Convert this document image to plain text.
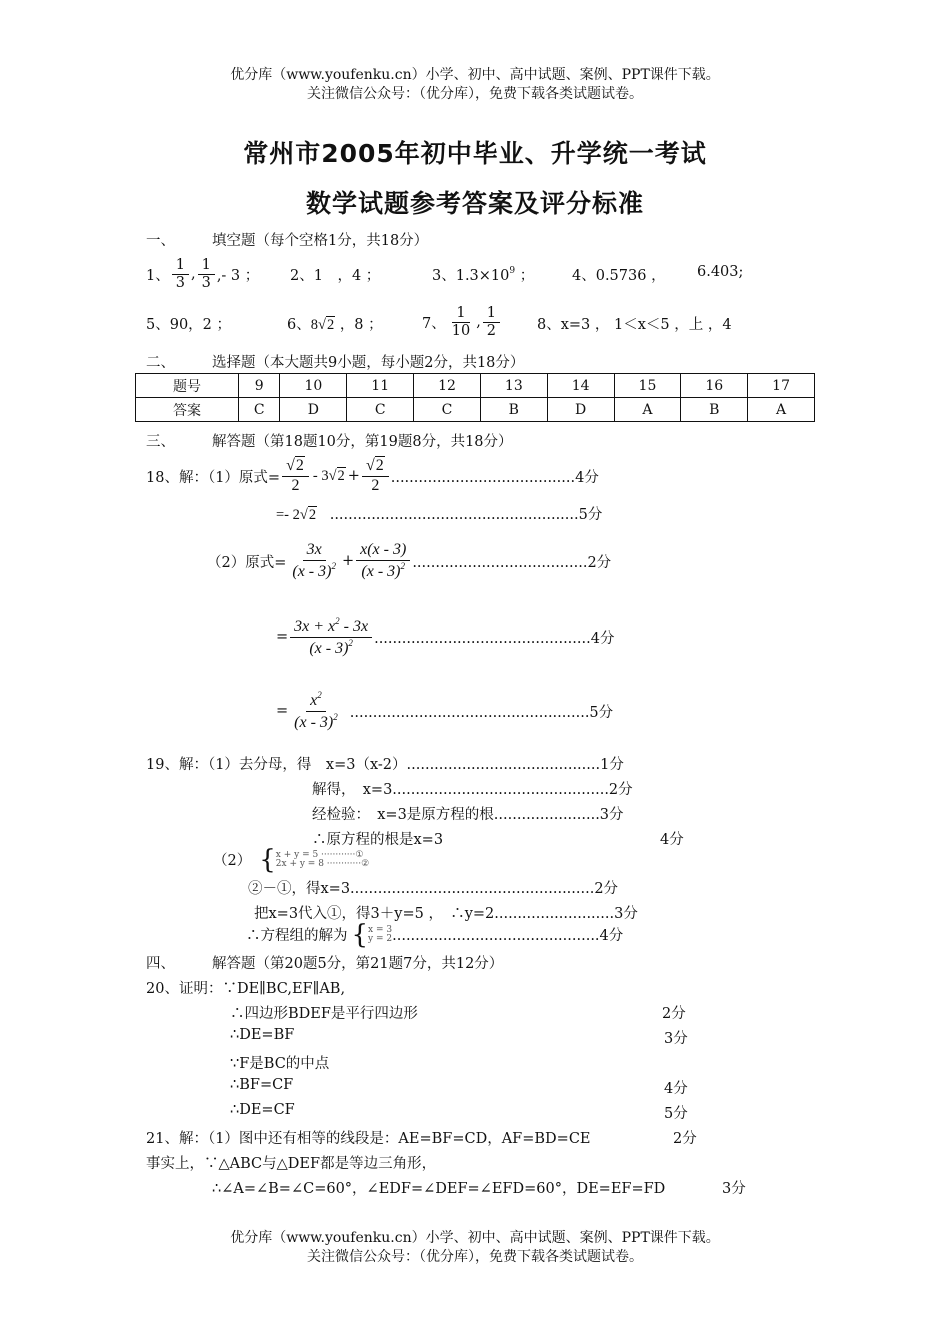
优分库（www.youfenku.cn）小学、初中、高中试题、案例、PPT课件下载。
关注微信公众号：（优分库），免费下载各类试题试卷。
常州市2005年初中毕业、升学统一考试
数学试题参考答案及评分标准
一、	填空题（每个空格1分，共18分）
1、 $\frac{1}{3}$ , $\frac{1}{3}$ ,- 3 ； 2、1　，4 ；	3、$1.3\times 10^9$ ；	4、0.5736 ， 6.403;
5、90，2 ；	6、8√2 ，8 ；	7、 $\frac{1}{10}$ , $\frac{1}{2}$	8、x=3 ， 1＜x＜5 ，上 ，4
二、	选择题（本大题共9小题，每小题2分，共18分）
题号	9	10	11	12	13	14	15	16	17
答案	C	D	C	C	B	D	A	B	A
三、	解答题（第18题10分，第19题8分，共18分）
18、解：（1）原式= $\frac{√2}{2} - 3√2 + \frac{√2}{2} ........................................4$分
=- 2√2 ......................................................5分
（2）原式= $\frac{3x}{(x - 3)^2} + \frac{x(x - 3)}{(x - 3)^2} ......................................2$分
= $\frac{3x + x^2 - 3x}{(x - 3)^2} ...............................................4$分
= $\frac{x^2}{(x - 3)^2} ....................................................5$分
19、解：（1）去分母，得　x=3（x-2）..........................................1分
解得，　x=3...............................................2分
经检验：　x=3是原方程的根.......................3分
∴原方程的根是x=3	4分
（2） { x + y = 5 ············①
2x + y = 8 ············②
②－①，得x=3.....................................................2分
把x=3代入①，得3＋y=5 ，　∴y=2..........................3分
∴方程组的解为 { x = 3
y = 2 .............................................4分
四、	解答题（第20题5分，第21题7分，共12分）
20、证明：∵DE∥BC,EF∥AB,
∴四边形BDEF是平行四边形	2分
∴DE=BF	3分
∵F是BC的中点
∴BF=CF	4分
∴DE=CF	5分
21、解：（1）图中还有相等的线段是：AE=BF=CD，AF=BD=CE	2分
事实上，∵△ABC与△DEF都是等边三角形，
∴∠A=∠B=∠C=60°，∠EDF=∠DEF=∠EFD=60°，DE=EF=FD	3分
优分库（www.youfenku.cn）小学、初中、高中试题、案例、PPT课件下载。
关注微信公众号：（优分库），免费下载各类试题试卷。
